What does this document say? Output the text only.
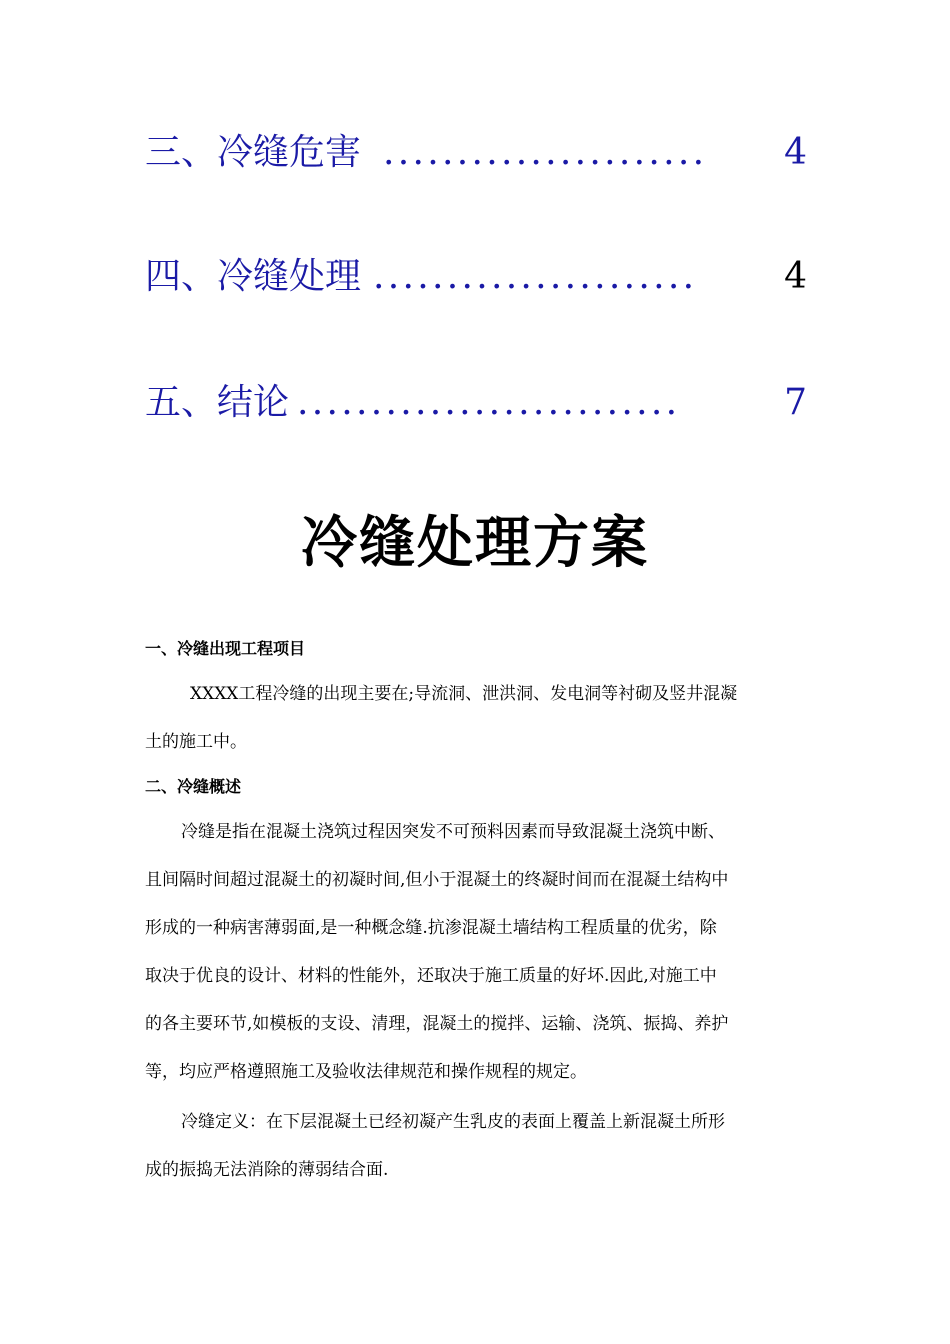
三、冷缝危害 ...................... 4
四、冷缝处理 ...................... 4
五、结论 ..........................	7
冷缝处理方案
一、冷缝出现工程项目
XXXX工程冷缝的出现主要在;导流洞、泄洪洞、发电洞等衬砌及竖井混凝
土的施工中。
二、冷缝概述
冷缝是指在混凝土浇筑过程因突发不可预料因素而导致混凝土浇筑中断、
且间隔时间超过混凝土的初凝时间,但小于混凝土的终凝时间而在混凝土结构中
形成的一种病害薄弱面,是一种概念缝.抗渗混凝土墙结构工程质量的优劣，除
取决于优良的设计、材料的性能外，还取决于施工质量的好坏.因此,对施工中
的各主要环节,如模板的支设、清理，混凝土的搅拌、运输、浇筑、振捣、养护
等，均应严格遵照施工及验收法律规范和操作规程的规定。
冷缝定义：在下层混凝土已经初凝产生乳皮的表面上覆盖上新混凝土所形
成的振捣无法消除的薄弱结合面.
